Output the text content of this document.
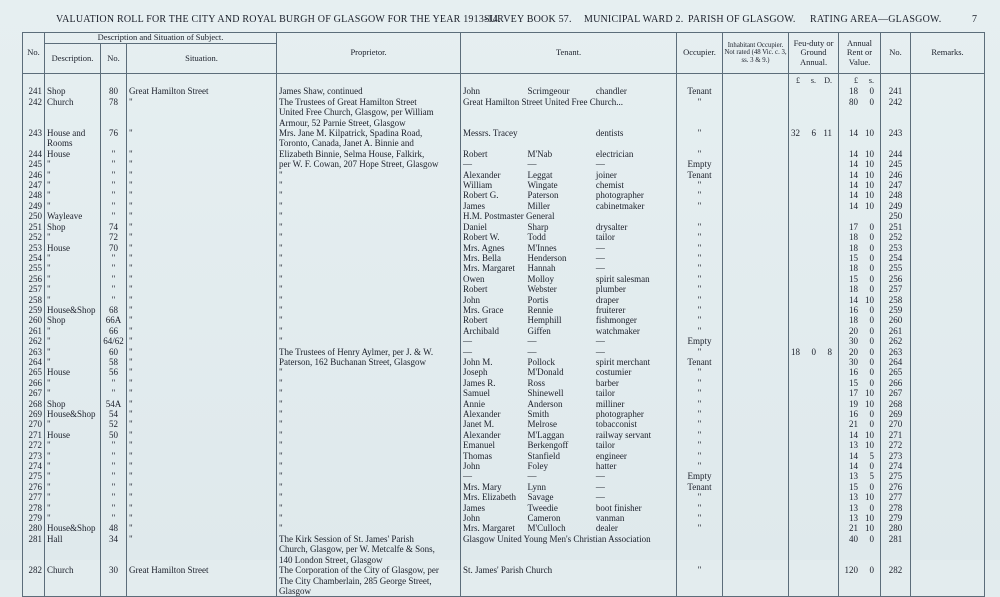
VALUATION ROLL FOR THE CITY AND ROYAL BURGH OF GLASGOW FOR THE YEAR 1913-14.
SURVEY BOOK 57. MUNICIPAL WARD 2. PARISH OF GLASGOW. RATING AREA—GLASGOW.	7
No.	Description and Situation of Subject.			Proprietor.	Tenant.	Occupier.	Inhabitant Occupier. Not rated (48 Vic. c. 3, ss. 3 & 9.)	Feu-duty or Ground Annual.	Annual Rent or Value.	No.	Remarks.
	Description.	No.	Situation.								

								£ s. D.	£ s.		

241	Shop	80	Great Hamilton Street	James Shaw, continued	John Scrimgeour chandler	Tenant			18 0	241	
242	Church	78	"	The Trustees of Great Hamilton Street	Great Hamilton Street United Free Church...	"			80 0	242	
				United Free Church, Glasgow, per William	

				Armour, 52 Parnie Street, Glasgow	

243	House and	76	"	Mrs. Jane M. Kilpatrick, Spadina Road,	Messrs. Tracey dentists	"		32 6 11	14 10	243	
	Rooms			Toronto, Canada, Janet A. Binnie and	

244	House	"	"	Elizabeth Binnie, Selma House, Falkirk,	Robert M'Nab electrician	"			14 10	244	
245	"	"	"	per W. F. Cowan, 207 Hope Street, Glasgow	— — —	Empty			14 10	245	
246	"	"	"	"	Alexander Leggat joiner	Tenant			14 10	246	
247	"	"	"	"	William Wingate chemist	"			14 10	247	
248	"	"	"	"	Robert G. Paterson photographer	"			14 10	248	
249	"	"	"	"	James Miller cabinetmaker	"			14 10	249	
250	Wayleave	"	"	"	H.M. Postmaster General					250	
251	Shop	74	"	"	Daniel Sharp drysalter	"			17 0	251	
252	"	72	"	"	Robert W. Todd tailor	"			18 0	252	
253	House	70	"	"	Mrs. Agnes M'Innes —	"			18 0	253	
254	"	"	"	"	Mrs. Bella Henderson —	"			15 0	254	
255	"	"	"	"	Mrs. Margaret Hannah —	"			18 0	255	
256	"	"	"	"	Owen Molloy spirit salesman	"			15 0	256	
257	"	"	"	"	Robert Webster plumber	"			18 0	257	
258	"	"	"	"	John Portis draper	"			14 10	258	
259	House&Shop	68	"	"	Mrs. Grace Rennie fruiterer	"			16 0	259	
260	Shop	66A	"	"	Robert Hemphill fishmonger	"			18 0	260	
261	"	66	"	"	Archibald Giffen watchmaker	"			20 0	261	
262	"	64/62	"	"	— — —	Empty			30 0	262	
263	"	60	"	The Trustees of Henry Aylmer, per J. & W.	— — —	"		18 0 8	20 0	263	
264	"	58	"	Paterson, 162 Buchanan Street, Glasgow	John M. Pollock spirit merchant	Tenant			30 0	264	
265	House	56	"	"	Joseph M'Donald costumier	"			16 0	265	
266	"	"	"	"	James R. Ross barber	"			15 0	266	
267	"	"	"	"	Samuel Shinewell tailor	"			17 10	267	
268	Shop	54A	"	"	Annie Anderson milliner	"			19 10	268	
269	House&Shop	54	"	"	Alexander Smith photographer	"			16 0	269	
270	"	52	"	"	Janet M. Melrose tobacconist	"			21 0	270	
271	House	50	"	"	Alexander M'Laggan railway servant	"			14 10	271	
272	"	"	"	"	Emanuel Berkengoff tailor	"			13 10	272	
273	"	"	"	"	Thomas Stanfield engineer	"			14 5	273	
274	"	"	"	"	John Foley hatter	"			14 0	274	
275	"	"	"	"	— — —	Empty			13 5	275	
276	"	"	"	"	Mrs. Mary Lynn —	Tenant			15 0	276	
277	"	"	"	"	Mrs. Elizabeth Savage —	"			13 10	277	
278	"	"	"	"	James Tweedie boot finisher	"			13 0	278	
279	"	"	"	"	John Cameron vanman	"			13 10	279	
280	House&Shop	48	"	"	Mrs. Margaret M'Culloch dealer	"			21 10	280	
281	Hall	34	"	The Kirk Session of St. James' Parish	Glasgow United Young Men's Christian Association				40 0	281	
				Church, Glasgow, per W. Metcalfe & Sons,	

				140 London Street, Glasgow	

282	Church	30	Great Hamilton Street	The Corporation of the City of Glasgow, per	St. James' Parish Church	"			120 0	282	
				The City Chamberlain, 285 George Street,	

				Glasgow	
